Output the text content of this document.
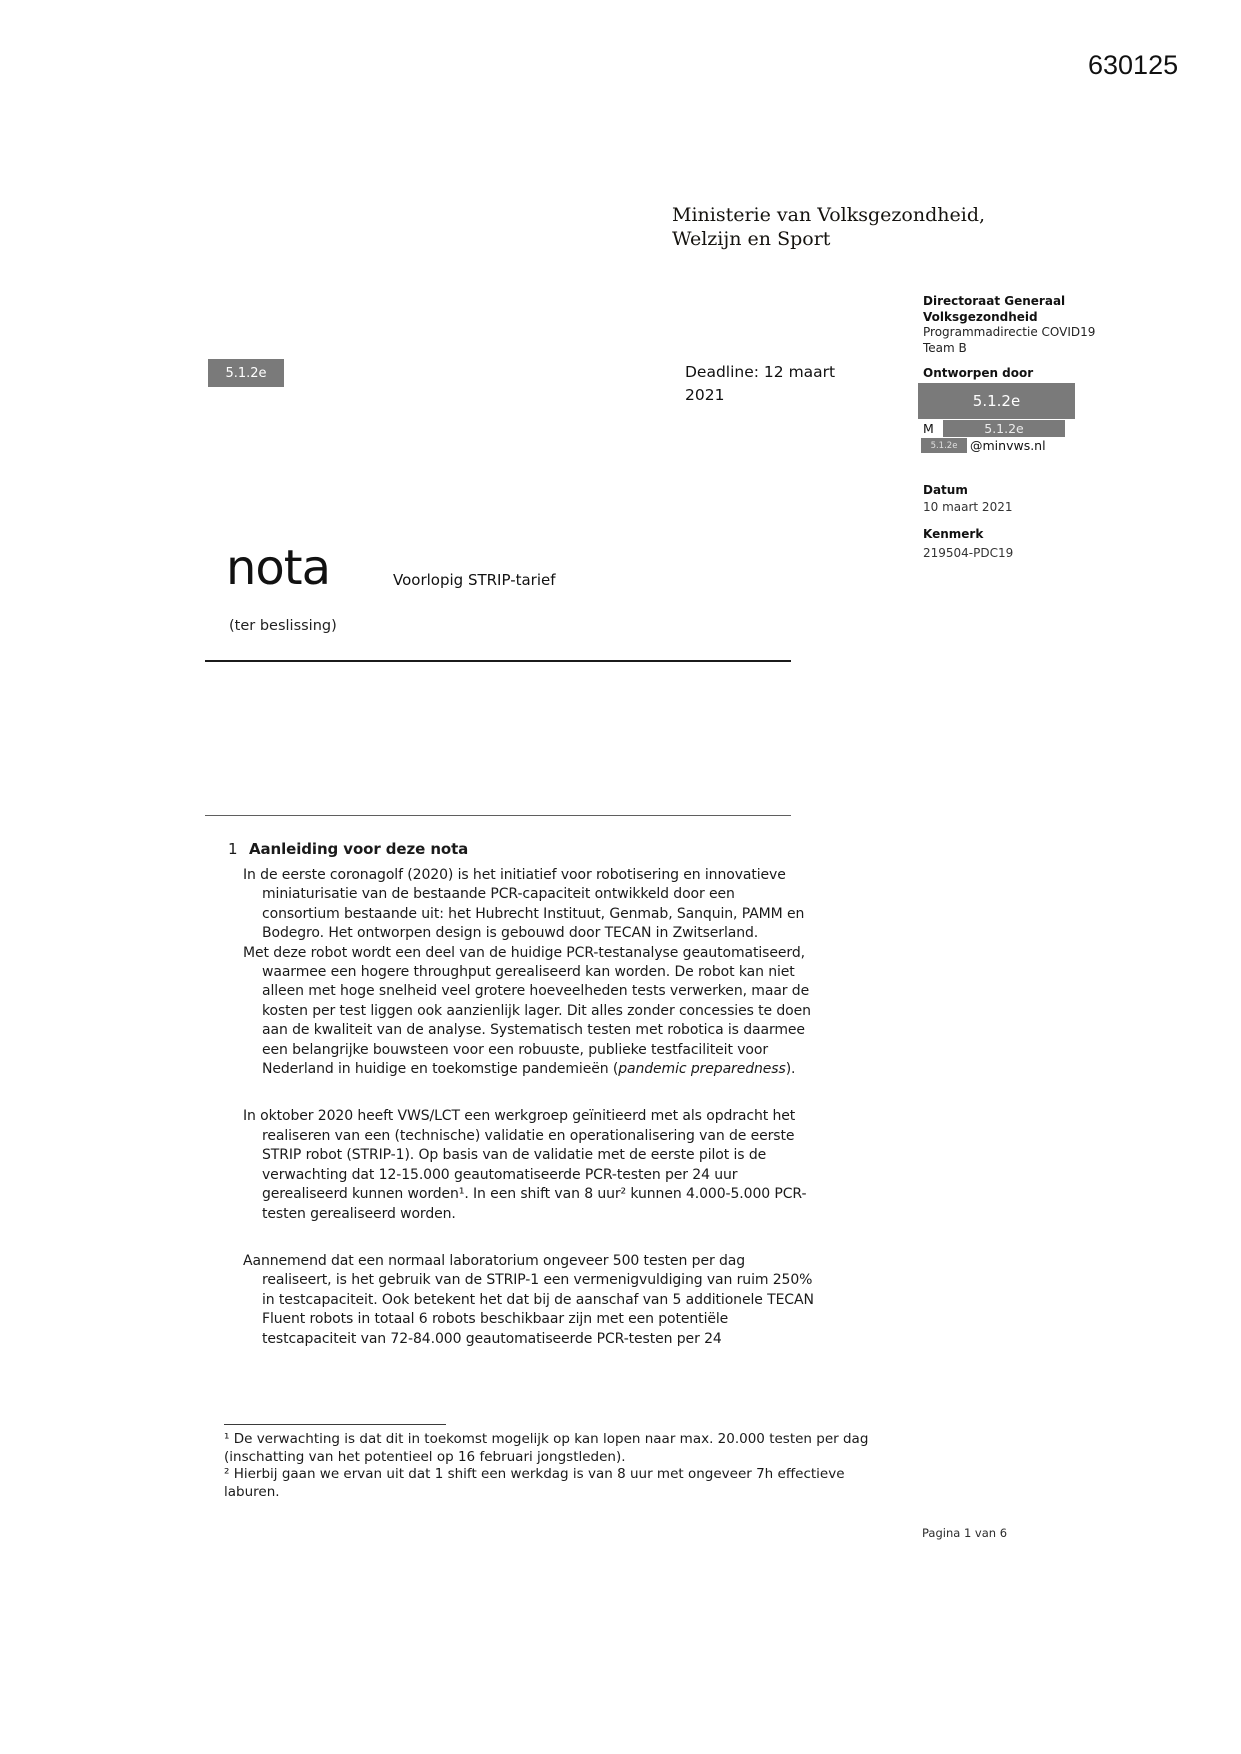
630125
Ministerie van Volksgezondheid,
Welzijn en Sport
5.1.2e	Deadline: 12 maart
2021
Directoraat Generaal
Volksgezondheid
Programmadirectie COVID19
Team B
Ontworpen door
5.1.2e
M	5.1.2e
5.1.2e	@minvws.nl
Datum
10 maart 2021
Kenmerk
219504-PDC19
nota	Voorlopig STRIP-tarief
(ter beslissing)
1 Aanleiding voor deze nota

In de eerste coronagolf (2020) is het initiatief voor robotisering en innovatieve miniaturisatie van de bestaande PCR-capaciteit ontwikkeld door een consortium bestaande uit: het Hubrecht Instituut, Genmab, Sanquin, PAMM en Bodegro. Het ontworpen design is gebouwd door TECAN in Zwitserland.

Met deze robot wordt een deel van de huidige PCR-testanalyse geautomatiseerd, waarmee een hogere throughput gerealiseerd kan worden. De robot kan niet alleen met hoge snelheid veel grotere hoeveelheden tests verwerken, maar de kosten per test liggen ook aanzienlijk lager. Dit alles zonder concessies te doen aan de kwaliteit van de analyse. Systematisch testen met robotica is daarmee een belangrijke bouwsteen voor een robuuste, publieke testfaciliteit voor Nederland in huidige en toekomstige pandemieën (pandemic preparedness).

In oktober 2020 heeft VWS/LCT een werkgroep geïnitieerd met als opdracht het realiseren van een (technische) validatie en operationalisering van de eerste STRIP robot (STRIP-1). Op basis van de validatie met de eerste pilot is de verwachting dat 12-15.000 geautomatiseerde PCR-testen per 24 uur gerealiseerd kunnen worden¹. In een shift van 8 uur² kunnen 4.000-5.000 PCR-testen gerealiseerd worden.

Aannemend dat een normaal laboratorium ongeveer 500 testen per dag realiseert, is het gebruik van de STRIP-1 een vermenigvuldiging van ruim 250% in testcapaciteit. Ook betekent het dat bij de aanschaf van 5 additionele TECAN Fluent robots in totaal 6 robots beschikbaar zijn met een potentiële testcapaciteit van 72-84.000 geautomatiseerde PCR-testen per 24

¹ De verwachting is dat dit in toekomst mogelijk op kan lopen naar max. 20.000 testen per dag (inschatting van het potentieel op 16 februari jongstleden).

² Hierbij gaan we ervan uit dat 1 shift een werkdag is van 8 uur met ongeveer 7h effectieve laburen.

Pagina 1 van 6
